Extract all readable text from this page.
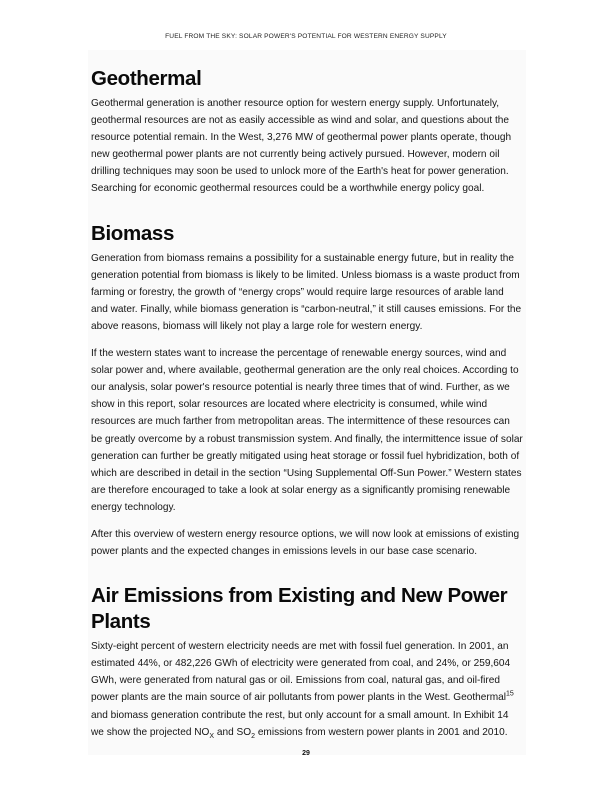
FUEL FROM THE SKY: SOLAR POWER'S POTENTIAL FOR WESTERN ENERGY SUPPLY
Geothermal

Geothermal generation is another resource option for western energy supply. Unfortunately, geothermal resources are not as easily accessible as wind and solar, and questions about the resource potential remain. In the West, 3,276 MW of geothermal power plants operate, though new geothermal power plants are not currently being actively pursued. However, modern oil drilling techniques may soon be used to unlock more of the Earth's heat for power generation. Searching for economic geothermal resources could be a worthwhile energy policy goal.

Biomass

Generation from biomass remains a possibility for a sustainable energy future, but in reality the generation potential from biomass is likely to be limited. Unless biomass is a waste product from farming or forestry, the growth of “energy crops” would require large resources of arable land and water. Finally, while biomass generation is “carbon-neutral,” it still causes emissions. For the above reasons, biomass will likely not play a large role for western energy.

If the western states want to increase the percentage of renewable energy sources, wind and solar power and, where available, geothermal generation are the only real choices. According to our analysis, solar power's resource potential is nearly three times that of wind. Further, as we show in this report, solar resources are located where electricity is consumed, while wind resources are much farther from metropolitan areas. The intermittence of these resources can be greatly overcome by a robust transmission system. And finally, the intermittence issue of solar generation can further be greatly mitigated using heat storage or fossil fuel hybridization, both of which are described in detail in the section “Using Supplemental Off-Sun Power.” Western states are therefore encouraged to take a look at solar energy as a significantly promising renewable energy technology.

After this overview of western energy resource options, we will now look at emissions of existing power plants and the expected changes in emissions levels in our base case scenario.

Air Emissions from Existing and New Power Plants

Sixty-eight percent of western electricity needs are met with fossil fuel generation. In 2001, an estimated 44%, or 482,226 GWh of electricity were generated from coal, and 24%, or 259,604 GWh, were generated from natural gas or oil. Emissions from coal, natural gas, and oil-fired power plants are the main source of air pollutants from power plants in the West. Geothermal$^{15}$ and biomass generation contribute the rest, but only account for a small amount. In Exhibit 14 we show the projected $NO_X$ and $SO_2$ emissions from western power plants in 2001 and 2010.

29
